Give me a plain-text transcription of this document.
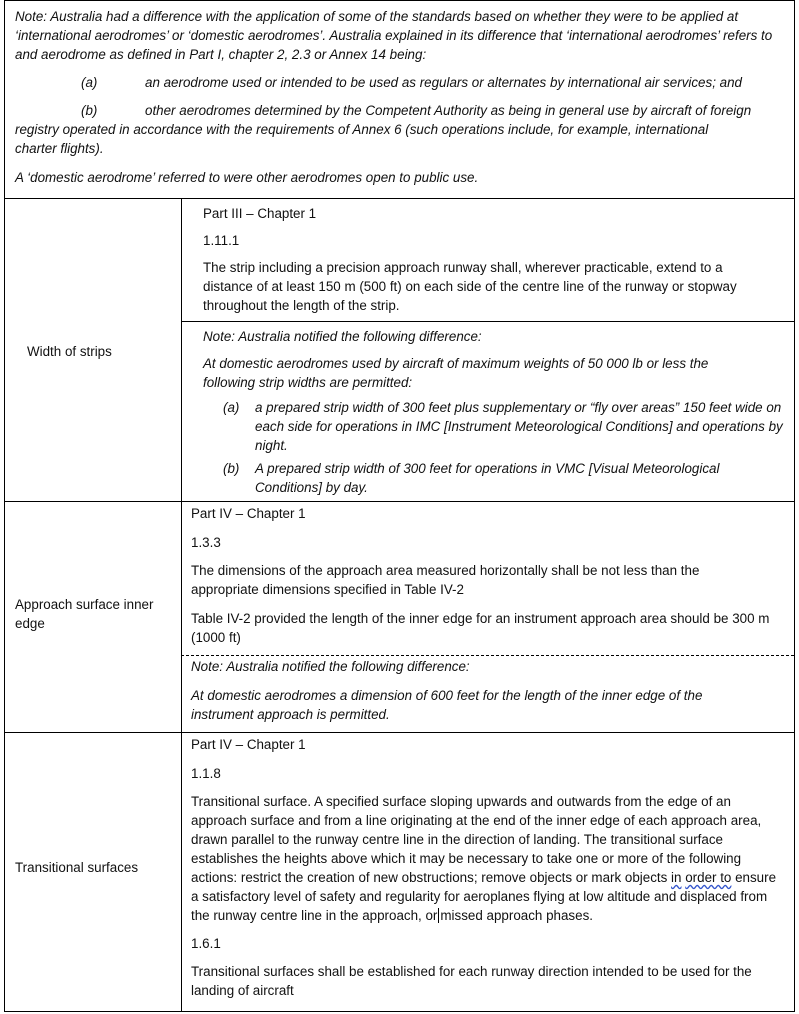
Note: Australia had a difference with the application of some of the standards based on whether they were to be applied at ‘international aerodromes’ or ‘domestic aerodromes’. Australia explained in its difference that ‘international aerodromes’ refers to and aerodrome as defined in Part I, chapter 2, 2.3 or Annex 14 being:

(a)	an aerodrome used or intended to be used as regulars or alternates by international air services; and
(b)	other aerodromes determined by the Competent Authority as being in general use by aircraft of foreign
registry operated in accordance with the requirements of Annex 6 (such operations include, for example, international charter flights).

A ‘domestic aerodrome’ referred to were other aerodromes open to public use.

Width of strips
Part III – Chapter 1
1.11.1

The strip including a precision approach runway shall, wherever practicable, extend to a distance of at least 150 m (500 ft) on each side of the centre line of the runway or stopway throughout the length of the strip.

Note: Australia notified the following difference:

At domestic aerodromes used by aircraft of maximum weights of 50 000 lb or less the following strip widths are permitted:

(a) a prepared strip width of 300 feet plus supplementary or “fly over areas” 150 feet wide on each side for operations in IMC [Instrument Meteorological Conditions] and operations by night.

(b) A prepared strip width of 300 feet for operations in VMC [Visual Meteorological Conditions] by day.

Approach surface inner edge

Part IV – Chapter 1
1.3.3

The dimensions of the approach area measured horizontally shall be not less than the appropriate dimensions specified in Table IV-2

Table IV-2 provided the length of the inner edge for an instrument approach area should be 300 m (1000 ft)

Note: Australia notified the following difference:

At domestic aerodromes a dimension of 600 feet for the length of the inner edge of the instrument approach is permitted.

Transitional surfaces
Part IV – Chapter 1
1.1.8

Transitional surface. A specified surface sloping upwards and outwards from the edge of an approach surface and from a line originating at the end of the inner edge of each approach area, drawn parallel to the runway centre line in the direction of landing. The transitional surface establishes the heights above which it may be necessary to take one or more of the following actions: restrict the creation of new obstructions; remove objects or mark objects in order to ensure a satisfactory level of safety and regularity for aeroplanes flying at low altitude and displaced from the runway centre line in the approach, or missed approach phases.

1.6.1

Transitional surfaces shall be established for each runway direction intended to be used for the landing of aircraft
